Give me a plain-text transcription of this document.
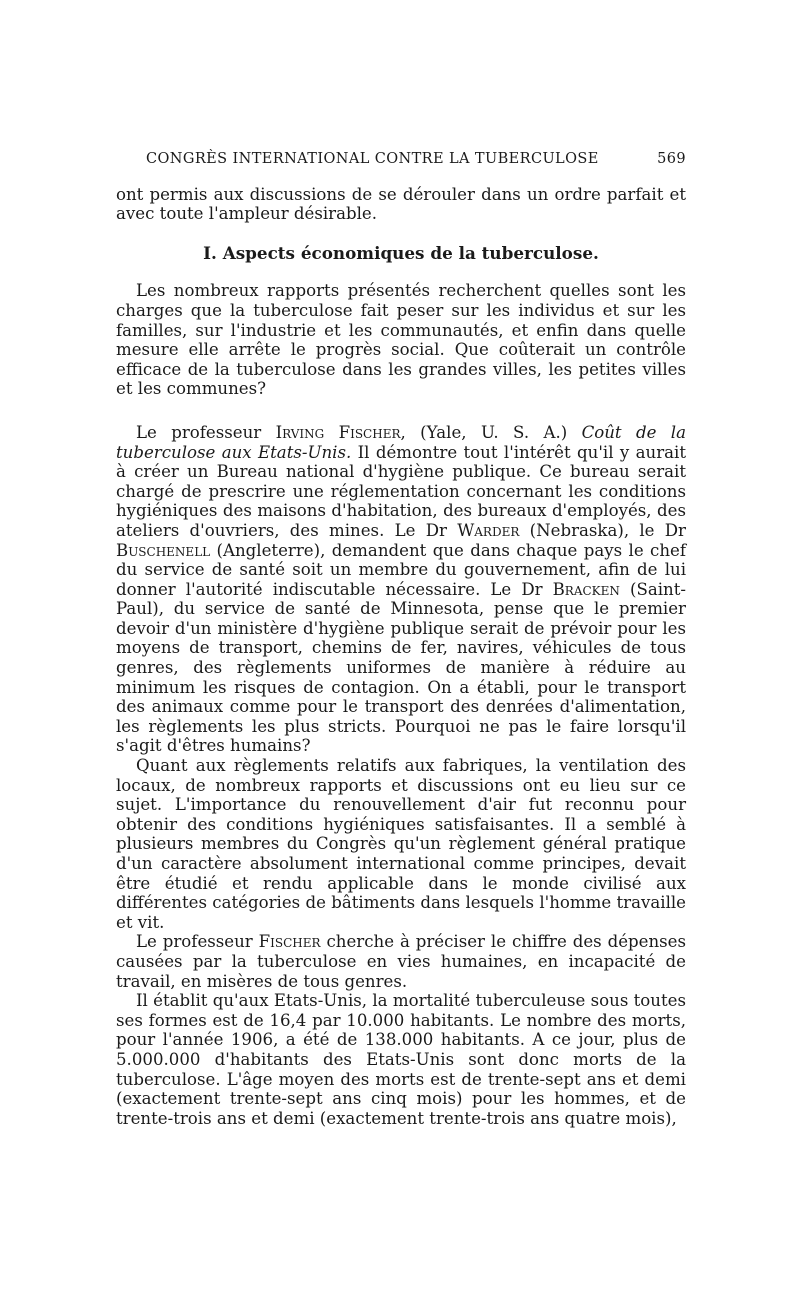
CONGRÈS INTERNATIONAL CONTRE LA TUBERCULOSE	569

ont permis aux discussions de se dérouler dans un ordre parfait et avec toute l'ampleur désirable.

I. Aspects économiques de la tuberculose.

Les nombreux rapports présentés recherchent quelles sont les charges que la tuberculose fait peser sur les individus et sur les familles, sur l'industrie et les communautés, et enfin dans quelle mesure elle arrête le progrès social. Que coûterait un contrôle efficace de la tuberculose dans les grandes villes, les petites villes et les communes?

Le professeur Irving Fischer, (Yale, U. S. A.) Coût de la tuberculose aux Etats-Unis. Il démontre tout l'intérêt qu'il y aurait à créer un Bureau national d'hygiène publique. Ce bureau serait chargé de prescrire une réglementation concernant les conditions hygiéniques des maisons d'habitation, des bureaux d'employés, des ateliers d'ouvriers, des mines. Le Dr Warder (Nebraska), le Dr Buschenell (Angleterre), demandent que dans chaque pays le chef du service de santé soit un membre du gouvernement, afin de lui donner l'autorité indiscutable nécessaire. Le Dr Bracken (Saint-Paul), du service de santé de Minnesota, pense que le premier devoir d'un ministère d'hygiène publique serait de prévoir pour les moyens de transport, chemins de fer, navires, véhicules de tous genres, des règlements uniformes de manière à réduire au minimum les risques de contagion. On a établi, pour le transport des animaux comme pour le transport des denrées d'alimentation, les règlements les plus stricts. Pourquoi ne pas le faire lorsqu'il s'agit d'êtres humains?

Quant aux règlements relatifs aux fabriques, la ventilation des locaux, de nombreux rapports et discussions ont eu lieu sur ce sujet. L'importance du renouvellement d'air fut reconnu pour obtenir des conditions hygiéniques satisfaisantes. Il a semblé à plusieurs membres du Congrès qu'un règlement général pratique d'un caractère absolument international comme principes, devait être étudié et rendu applicable dans le monde civilisé aux différentes catégories de bâtiments dans lesquels l'homme travaille et vit.

Le professeur Fischer cherche à préciser le chiffre des dépenses causées par la tuberculose en vies humaines, en incapacité de travail, en misères de tous genres.

Il établit qu'aux Etats-Unis, la mortalité tuberculeuse sous toutes ses formes est de 16,4 par 10.000 habitants. Le nombre des morts, pour l'année 1906, a été de 138.000 habitants. A ce jour, plus de 5.000.000 d'habitants des Etats-Unis sont donc morts de la tuberculose. L'âge moyen des morts est de trente-sept ans et demi (exactement trente-sept ans cinq mois) pour les hommes, et de trente-trois ans et demi (exactement trente-trois ans quatre mois),
